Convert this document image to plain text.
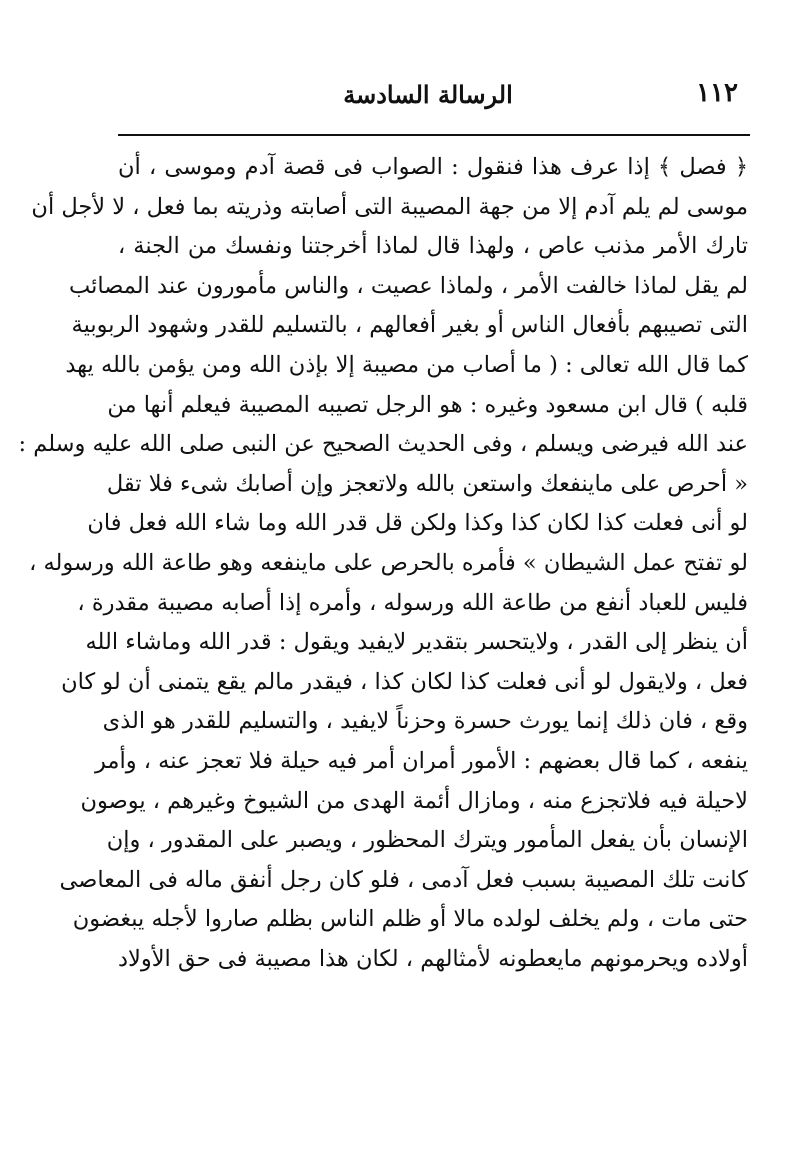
١١٢
الرسالة السادسة
﴿ فصل ﴾ إذا عرف هذا فنقول : الصواب فى قصة آدم وموسى ، أن
موسى لم يلم آدم إلا من جهة المصيبة التى أصابته وذريته بما فعل ، لا لأجل أن
تارك الأمر مذنب عاص ، ولهذا قال لماذا أخرجتنا ونفسك من الجنة ،
لم يقل لماذا خالفت الأمر ، ولماذا عصيت ، والناس مأمورون عند المصائب
التى تصيبهم بأفعال الناس أو بغير أفعالهم ، بالتسليم للقدر وشهود الربوبية
كما قال الله تعالى : ( ما أصاب من مصيبة إلا بإذن الله ومن يؤمن بالله يهد
قلبه ) قال ابن مسعود وغيره : هو الرجل تصيبه المصيبة فيعلم أنها من
عند الله فيرضى ويسلم ، وفى الحديث الصحيح عن النبى صلى الله عليه وسلم :
« أحرص على ماينفعك واستعن بالله ولاتعجز وإن أصابك شىء فلا تقل
لو أنى فعلت كذا لكان كذا وكذا ولكن قل قدر الله وما شاء الله فعل فان
لو تفتح عمل الشيطان » فأمره بالحرص على ماينفعه وهو طاعة الله ورسوله ،
فليس للعباد أنفع من طاعة الله ورسوله ، وأمره إذا أصابه مصيبة مقدرة ،
أن ينظر إلى القدر ، ولايتحسر بتقدير لايفيد ويقول : قدر الله وماشاء الله
فعل ، ولايقول لو أنى فعلت كذا لكان كذا ، فيقدر مالم يقع يتمنى أن لو كان
وقع ، فان ذلك إنما يورث حسرة وحزناً لايفيد ، والتسليم للقدر هو الذى
ينفعه ، كما قال بعضهم : الأمور أمران أمر فيه حيلة فلا تعجز عنه ، وأمر
لاحيلة فيه فلاتجزع منه ، ومازال أئمة الهدى من الشيوخ وغيرهم ، يوصون
الإنسان بأن يفعل المأمور ويترك المحظور ، ويصبر على المقدور ، وإن
كانت تلك المصيبة بسبب فعل آدمى ، فلو كان رجل أنفق ماله فى المعاصى
حتى مات ، ولم يخلف لولده مالا أو ظلم الناس بظلم صاروا لأجله يبغضون
أولاده ويحرمونهم مايعطونه لأمثالهم ، لكان هذا مصيبة فى حق الأولاد
